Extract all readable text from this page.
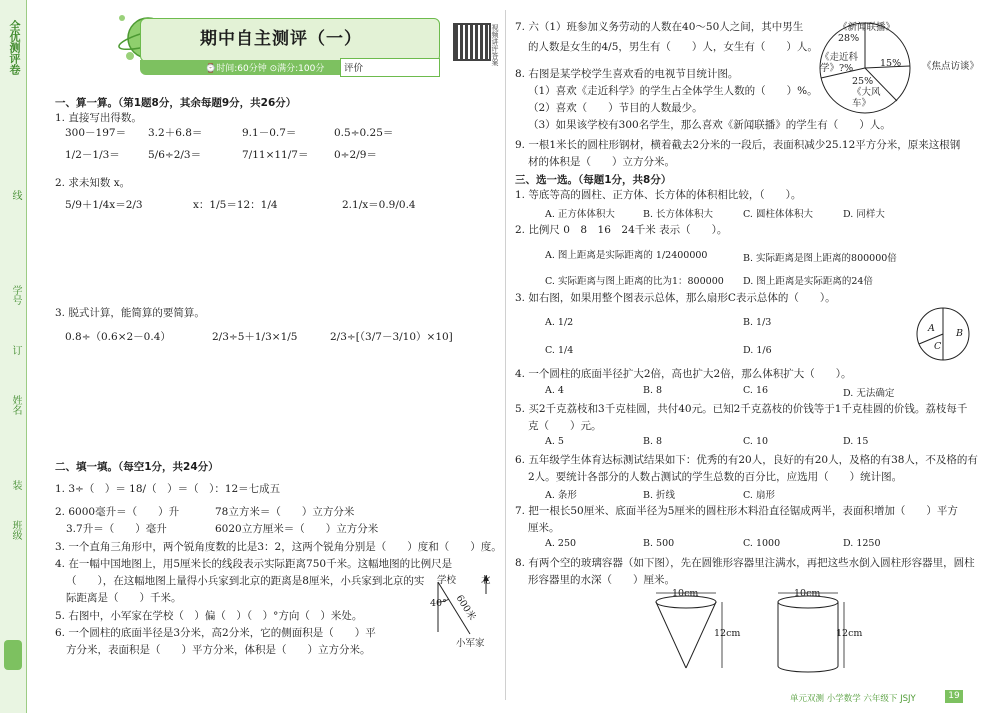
全优测评卷
线
学号
订
姓名
装
班级
期中自主测评（一）
⌚时间:60分钟 ⊙满分:100分 评价
视频讲评答案
一、算一算。（第1题8分，其余每题9分，共26分）
1. 直接写出得数。
300－197＝ 3.2＋6.8＝	9.1－0.7＝	0.5÷0.25＝
1/2－1/3＝	5/6÷2/3＝	7/11×11/7＝ 0÷2/9＝
2. 求未知数 x。
5/9＋1/4x＝2/3	x：1/5＝12：1/4	2.1/x＝0.9/0.4
3. 脱式计算，能简算的要简算。
0.8÷（0.6×2－0.4）	2/3÷5＋1/3×1/5	2/3÷[（3/7－3/10）×10]
二、填一填。（每空1分，共24分）
1. 3÷（　）＝ 18/（　）＝（　）：12＝七成五
2. 6000毫升＝（　　）升	78立方米＝（　　）立方分米
3.7升＝（　　）毫升	6020立方厘米＝（　　）立方分米
3. 一个直角三角形中，两个锐角度数的比是3：2，这两个锐角分别是（　　）度和（　　）度。
4. 在一幅中国地图上，用5厘米长的线段表示实际距离750千米。这幅地图的比例尺是
（　　），在这幅地图上量得小兵家到北京的距离是8厘米，小兵家到北京的实
际距离是（　　）千米。
5. 右图中，小军家在学校（　）偏（　）（　）°方向（　）米处。
6. 一个圆柱的底面半径是3分米，高2分米，它的侧面积是（　　）平
方分米，表面积是（　　）平方分米，体积是（　　）立方分米。
学校	北
40° 600米
小军家
7. 六（1）班参加义务劳动的人数在40～50人之间，其中男生
的人数是女生的4/5，男生有（　　）人，女生有（　　）人。
8. 右图是某学校学生喜欢看的电视节目统计图。
（1）喜欢《走近科学》的学生占全体学生人数的（　　）%。
（2）喜欢（　　）节目的人数最少。
（3）如果该学校有300名学生，那么喜欢《新闻联播》的学生有（　　）人。
《新闻联播》28%
15% 《焦点访谈》
《走近科学》?%
25%《大风车》
9. 一根1米长的圆柱形钢材，横着截去2分米的一段后，表面积减少25.12平方分米，原来这根钢
材的体积是（　　）立方分米。
三、选一选。（每题1分，共8分）
1. 等底等高的圆柱、正方体、长方体的体积相比较，（　　）。
A. 正方体体积大	B. 长方体体积大	C. 圆柱体体积大	D. 同样大
2. 比例尺 0　8　16　24千米 表示（　　）。
A. 图上距离是实际距离的 1/2400000	B. 实际距离是图上距离的800000倍
C. 实际距离与图上距离的比为1：800000 D. 图上距离是实际距离的24倍
3. 如右图，如果用整个图表示总体，那么扇形C表示总体的（　　）。
A. 1/2	B. 1/3
C. 1/4	D. 1/6
A B
C
4. 一个圆柱的底面半径扩大2倍，高也扩大2倍，那么体积扩大（　　）。
A. 4	B. 8	C. 16	D. 无法确定
5. 买2千克荔枝和3千克桂圆，共付40元。已知2千克荔枝的价钱等于1千克桂圆的价钱。荔枝每千
克（　　）元。
A. 5	B. 8	C. 10	D. 15
6. 五年级学生体育达标测试结果如下：优秀的有20人，良好的有20人，及格的有38人，不及格的有
2人。要统计各部分的人数占测试的学生总数的百分比，应选用（　　）统计图。
A. 条形	B. 折线	C. 扇形
7. 把一根长50厘米、底面半径为5厘米的圆柱形木料沿直径锯成两半，表面积增加（　　）平方
厘米。
A. 250	B. 500	C. 1000	D. 1250
8. 有两个空的玻璃容器（如下图），先在圆锥形容器里注满水，再把这些水倒入圆柱形容器里，圆柱
形容器里的水深（　　）厘米。
10cm
12cm
10cm
12cm
单元双测 小学数学 六年级下 JSJY	19
